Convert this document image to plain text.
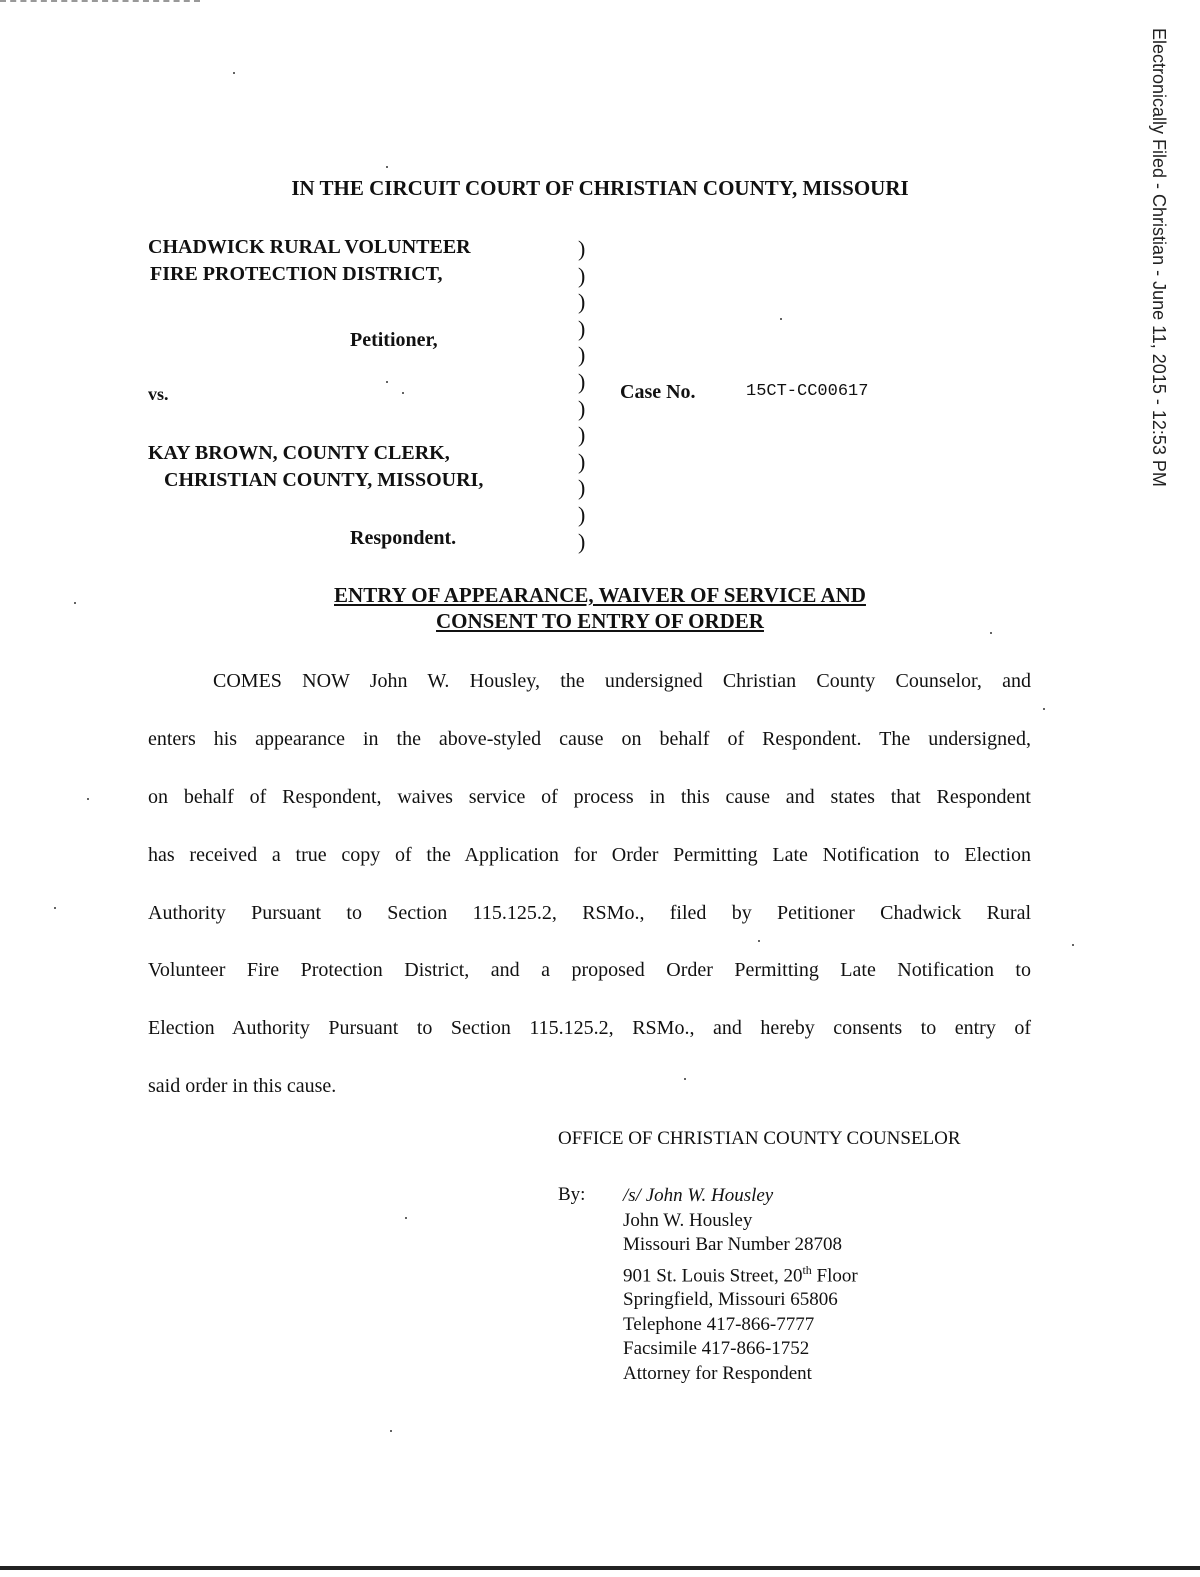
Electronically Filed - Christian - June 11, 2015 - 12:53 PM
IN THE CIRCUIT COURT OF CHRISTIAN COUNTY, MISSOURI
CHADWICK RURAL VOLUNTEER
FIRE PROTECTION DISTRICT,
Petitioner,
vs.
KAY BROWN, COUNTY CLERK,
CHRISTIAN COUNTY, MISSOURI,
Respondent.
)
)
)
)
)
)
)
)
)
)
)
)
Case No.	15CT-CC00617
ENTRY OF APPEARANCE, WAIVER OF SERVICE AND
CONSENT TO ENTRY OF ORDER
COMES NOW John W. Housley, the undersigned Christian County Counselor, and
enters his appearance in the above-styled cause on behalf of Respondent. The undersigned,
on behalf of Respondent, waives service of process in this cause and states that Respondent
has received a true copy of the Application for Order Permitting Late Notification to Election
Authority Pursuant to Section 115.125.2, RSMo., filed by Petitioner Chadwick Rural
Volunteer Fire Protection District, and a proposed Order Permitting Late Notification to
Election Authority Pursuant to Section 115.125.2, RSMo., and hereby consents to entry of
said order in this cause.
OFFICE OF CHRISTIAN COUNTY COUNSELOR
By: /s/ John W. Housley
John W. Housley
Missouri Bar Number 28708
901 St. Louis Street, 20th Floor
Springfield, Missouri 65806
Telephone 417-866-7777
Facsimile 417-866-1752
Attorney for Respondent
